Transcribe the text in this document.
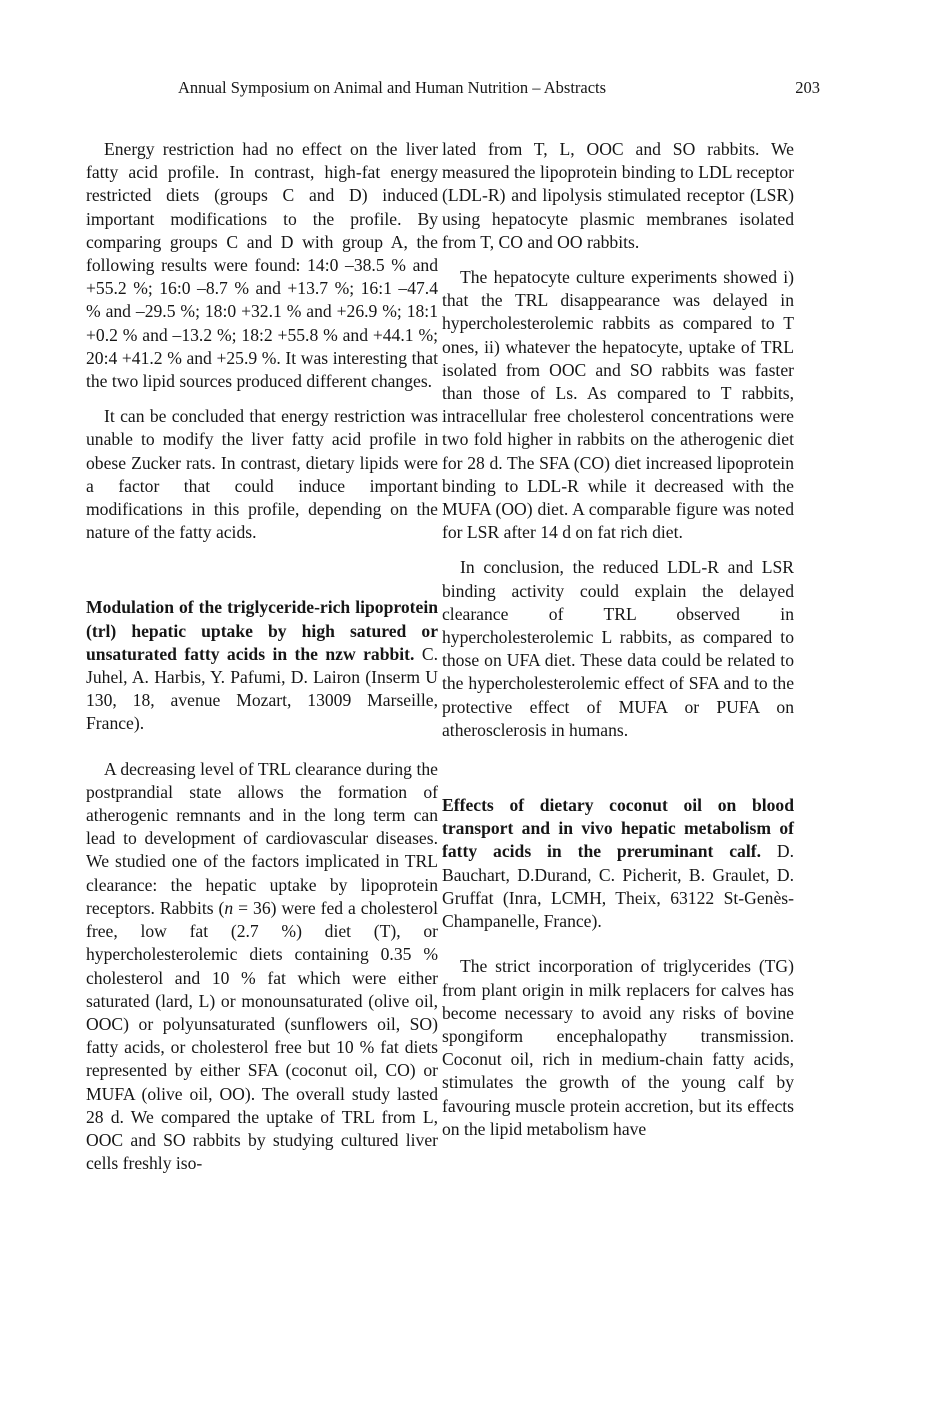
Annual Symposium on Animal and Human Nutrition – Abstracts	203

Energy restriction had no effect on the liver fatty acid profile. In contrast, high-fat energy restricted diets (groups C and D) induced important modifications to the profile. By comparing groups C and D with group A, the following results were found: 14:0 –38.5 % and +55.2 %; 16:0 –8.7 % and +13.7 %; 16:1 –47.4 % and –29.5 %; 18:0 +32.1 % and +26.9 %; 18:1 +0.2 % and –13.2 %; 18:2 +55.8 % and +44.1 %; 20:4 +41.2 % and +25.9 %. It was interesting that the two lipid sources produced different changes.

It can be concluded that energy restriction was unable to modify the liver fatty acid profile in obese Zucker rats. In contrast, dietary lipids were a factor that could induce important modifications in this profile, depending on the nature of the fatty acids.

Modulation of the triglyceride-rich lipoprotein (trl) hepatic uptake by high satured or unsaturated fatty acids in the nzw rabbit. C. Juhel, A. Harbis, Y. Pafumi, D. Lairon (Inserm U 130, 18, avenue Mozart, 13009 Marseille, France).

A decreasing level of TRL clearance during the postprandial state allows the formation of atherogenic remnants and in the long term can lead to development of cardiovascular diseases. We studied one of the factors implicated in TRL clearance: the hepatic uptake by lipoprotein receptors. Rabbits (n = 36) were fed a cholesterol free, low fat (2.7 %) diet (T), or hypercholesterolemic diets containing 0.35 % cholesterol and 10 % fat which were either saturated (lard, L) or monounsaturated (olive oil, OOC) or polyunsaturated (sunflowers oil, SO) fatty acids, or cholesterol free but 10 % fat diets represented by either SFA (coconut oil, CO) or MUFA (olive oil, OO). The overall study lasted 28 d. We compared the uptake of TRL from L, OOC and SO rabbits by studying cultured liver cells freshly iso-

lated from T, L, OOC and SO rabbits. We measured the lipoprotein binding to LDL receptor (LDL-R) and lipolysis stimulated receptor (LSR) using hepatocyte plasmic membranes isolated from T, CO and OO rabbits.

The hepatocyte culture experiments showed i) that the TRL disappearance was delayed in hypercholesterolemic rabbits as compared to T ones, ii) whatever the hepatocyte, uptake of TRL isolated from OOC and SO rabbits was faster than those of Ls. As compared to T rabbits, intracellular free cholesterol concentrations were two fold higher in rabbits on the atherogenic diet for 28 d. The SFA (CO) diet increased lipoprotein binding to LDL-R while it decreased with the MUFA (OO) diet. A comparable figure was noted for LSR after 14 d on fat rich diet.

In conclusion, the reduced LDL-R and LSR binding activity could explain the delayed clearance of TRL observed in hypercholesterolemic L rabbits, as compared to those on UFA diet. These data could be related to the hypercholesterolemic effect of SFA and to the protective effect of MUFA or PUFA on atherosclerosis in humans.

Effects of dietary coconut oil on blood transport and in vivo hepatic metabolism of fatty acids in the preruminant calf. D. Bauchart, D.Durand, C. Picherit, B. Graulet, D. Gruffat (Inra, LCMH, Theix, 63122 St-Genès-Champanelle, France).

The strict incorporation of triglycerides (TG) from plant origin in milk replacers for calves has become necessary to avoid any risks of bovine spongiform encephalopathy transmission. Coconut oil, rich in medium-chain fatty acids, stimulates the growth of the young calf by favouring muscle protein accretion, but its effects on the lipid metabolism have
